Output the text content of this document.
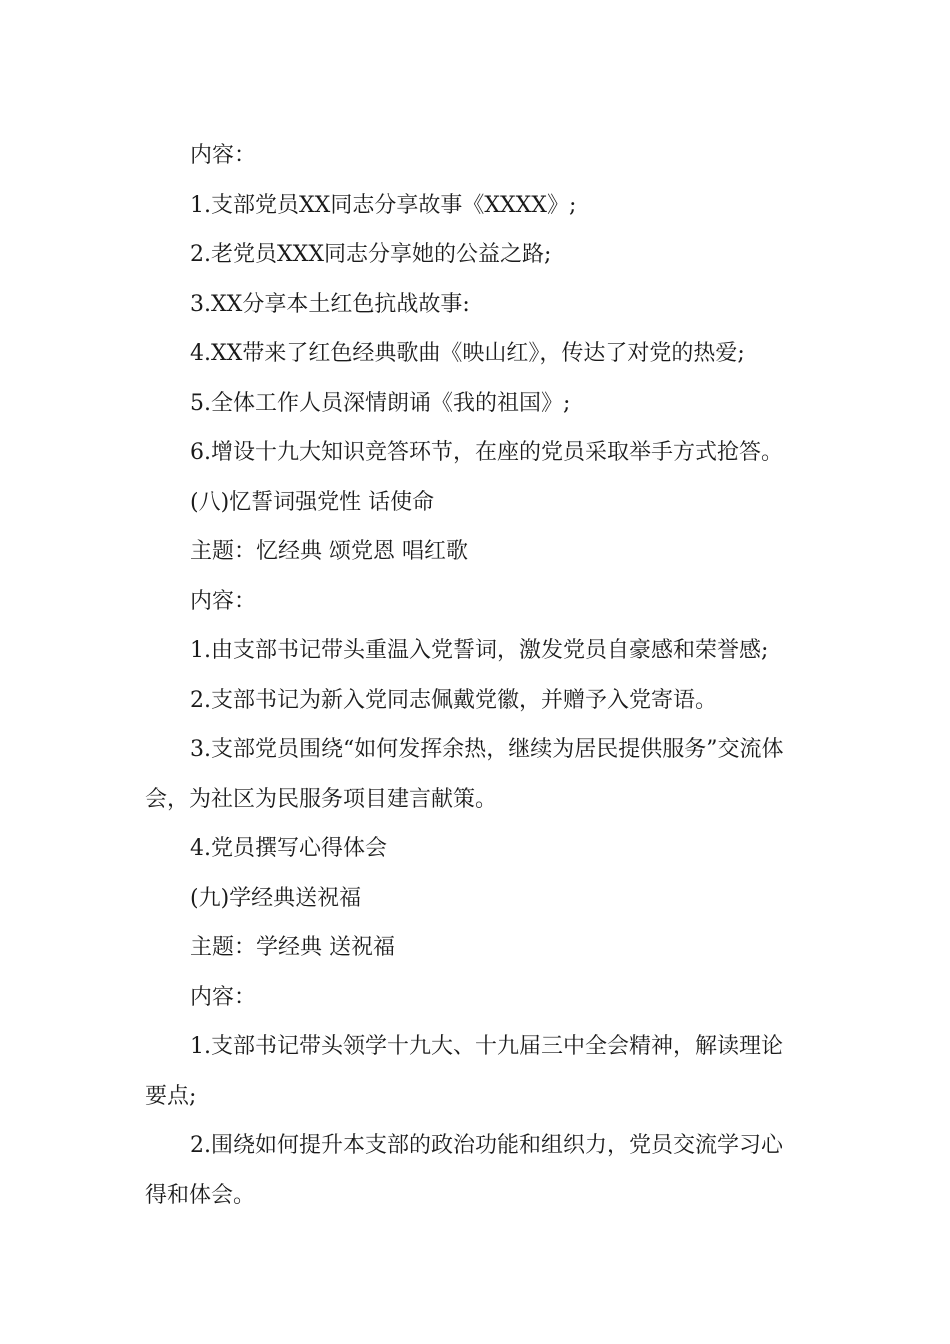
内容：

1.支部党员XX同志分享故事《XXXX》;

2.老党员XXX同志分享她的公益之路;

3.XX分享本土红色抗战故事:

4.XX带来了红色经典歌曲《映山红》，传达了对党的热爱;

5.全体工作人员深情朗诵《我的祖国》;

6.增设十九大知识竞答环节，在座的党员采取举手方式抢答。

(八)忆誓词强党性 话使命

主题：忆经典 颂党恩 唱红歌

内容：

1.由支部书记带头重温入党誓词，激发党员自豪感和荣誉感;

2.支部书记为新入党同志佩戴党徽，并赠予入党寄语。

3.支部党员围绕“如何发挥余热，继续为居民提供服务”交流体会，为社区为民服务项目建言献策。

4.党员撰写心得体会

(九)学经典送祝福

主题：学经典 送祝福

内容：

1.支部书记带头领学十九大、十九届三中全会精神，解读理论要点;

2.围绕如何提升本支部的政治功能和组织力，党员交流学习心得和体会。
